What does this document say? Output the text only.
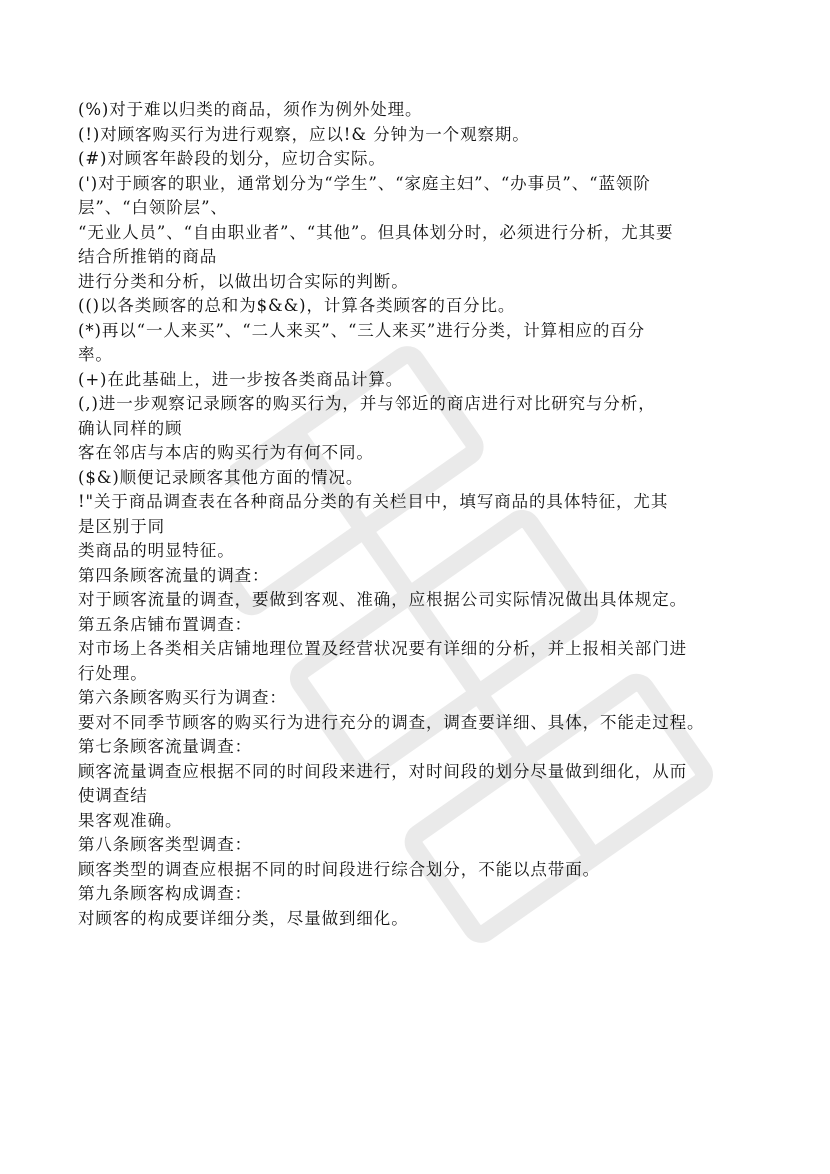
(%)对于难以归类的商品，须作为例外处理。
(!)对顾客购买行为进行观察，应以!& 分钟为一个观察期。
(#)对顾客年龄段的划分，应切合实际。
(')对于顾客的职业，通常划分为“学生”、“家庭主妇”、“办事员”、“蓝领阶
层”、“白领阶层”、
“无业人员”、“自由职业者”、“其他”。但具体划分时，必须进行分析，尤其要
结合所推销的商品
进行分类和分析，以做出切合实际的判断。
(()以各类顾客的总和为$&&)，计算各类顾客的百分比。
(*)再以“一人来买”、“二人来买”、“三人来买”进行分类，计算相应的百分
率。
(+)在此基础上，进一步按各类商品计算。
(,)进一步观察记录顾客的购买行为，并与邻近的商店进行对比研究与分析，
确认同样的顾
客在邻店与本店的购买行为有何不同。
($&)顺便记录顾客其他方面的情况。
!"关于商品调查表在各种商品分类的有关栏目中，填写商品的具体特征，尤其
是区别于同
类商品的明显特征。
第四条顾客流量的调查：
对于顾客流量的调查，要做到客观、准确，应根据公司实际情况做出具体规定。
第五条店铺布置调查：
对市场上各类相关店铺地理位置及经营状况要有详细的分析，并上报相关部门进
行处理。
第六条顾客购买行为调查：
要对不同季节顾客的购买行为进行充分的调查，调查要详细、具体，不能走过程。
第七条顾客流量调查：
顾客流量调查应根据不同的时间段来进行，对时间段的划分尽量做到细化，从而
使调查结
果客观准确。
第八条顾客类型调查：
顾客类型的调查应根据不同的时间段进行综合划分，不能以点带面。
第九条顾客构成调查：
对顾客的构成要详细分类，尽量做到细化。
